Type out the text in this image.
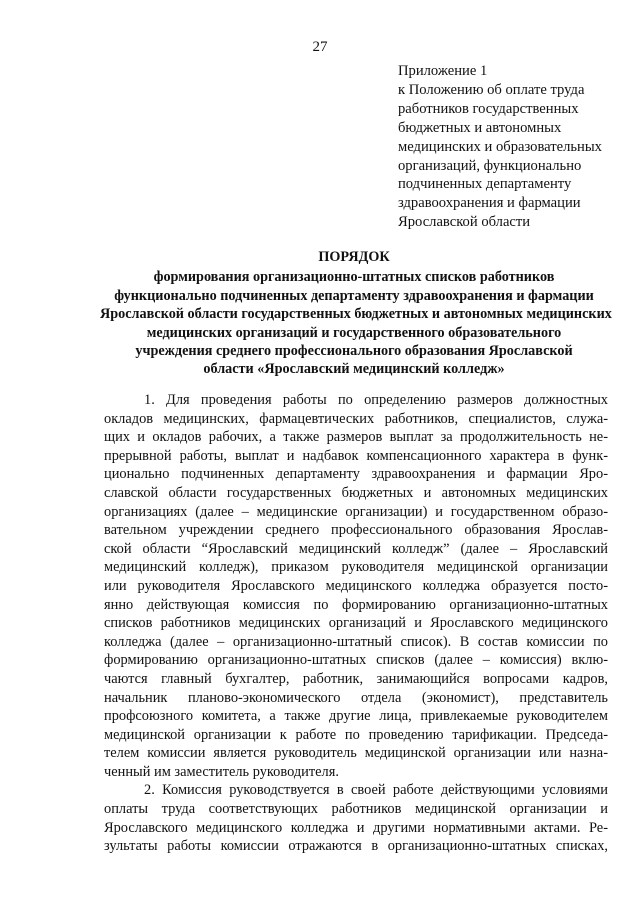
27
Приложение 1
к Положению об оплате труда
работников государственных
бюджетных и автономных
медицинских и образовательных
организаций, функционально
подчиненных департаменту
здравоохранения и фармации
Ярославской области
ПОРЯДОК
формирования организационно-штатных списков работников
функционально подчиненных департаменту здравоохранения и фармации
Ярославской области государственных бюджетных и автономных медицинских
медицинских организаций и государственного образовательного
учреждения среднего профессионального образования Ярославской
области «Ярославский медицинский колледж»
1. Для проведения работы по определению размеров должностных
окладов медицинских, фармацевтических работников, специалистов, служа-
щих и окладов рабочих, а также размеров выплат за продолжительность не-
прерывной работы, выплат и надбавок компенсационного характера в функ-
ционально подчиненных департаменту здравоохранения и фармации Яро-
славской области государственных бюджетных и автономных медицинских
организациях (далее – медицинские организации) и государственном образо-
вательном учреждении среднего профессионального образования Ярослав-
ской области “Ярославский медицинский колледж” (далее – Ярославский
медицинский колледж), приказом руководителя медицинской организации
или руководителя Ярославского медицинского колледжа образуется посто-
янно действующая комиссия по формированию организационно-штатных
списков работников медицинских организаций и Ярославского медицинского
колледжа (далее – организационно-штатный список). В состав комиссии по
формированию организационно-штатных списков (далее – комиссия) вклю-
чаются главный бухгалтер, работник, занимающийся вопросами кадров,
начальник планово-экономического отдела (экономист), представитель
профсоюзного комитета, а также другие лица, привлекаемые руководителем
медицинской организации к работе по проведению тарификации. Председа-
телем комиссии является руководитель медицинской организации или назна-
ченный им заместитель руководителя.
2. Комиссия руководствуется в своей работе действующими условиями
оплаты труда соответствующих работников медицинской организации и
Ярославского медицинского колледжа и другими нормативными актами. Ре-
зультаты работы комиссии отражаются в организационно-штатных списках,
